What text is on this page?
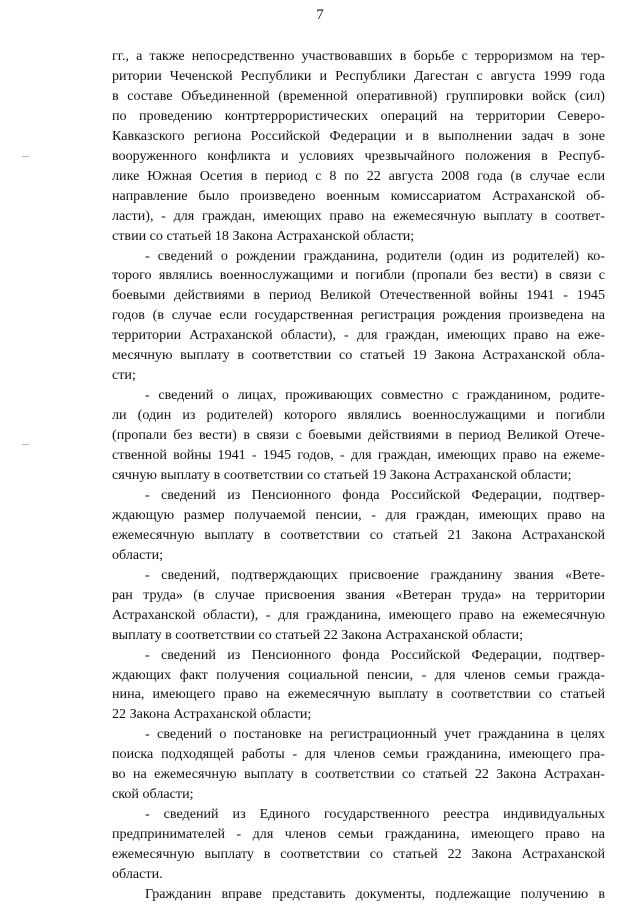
7
гг., а также непосредственно участвовавших в борьбе с терроризмом на тер-
ритории Чеченской Республики и Республики Дагестан с августа 1999 года
в составе Объединенной (временной оперативной) группировки войск (сил)
по проведению контртеррористических операций на территории Северо-
Кавказского региона Российской Федерации и в выполнении задач в зоне
вооруженного конфликта и условиях чрезвычайного положения в Респуб-
лике Южная Осетия в период с 8 по 22 августа 2008 года (в случае если
направление было произведено военным комиссариатом Астраханской об-
ласти), - для граждан, имеющих право на ежемесячную выплату в соответ-
ствии со статьей 18 Закона Астраханской области;
- сведений о рождении гражданина, родители (один из родителей) ко-
торого являлись военнослужащими и погибли (пропали без вести) в связи с
боевыми действиями в период Великой Отечественной войны 1941 - 1945
годов (в случае если государственная регистрация рождения произведена на
территории Астраханской области), - для граждан, имеющих право на ежe-
месячную выплату в соответствии со статьей 19 Закона Астраханской обла-
сти;
- сведений о лицах, проживающих совместно с гражданином, родите-
ли (один из родителей) которого являлись военнослужащими и погибли
(пропали без вести) в связи с боевыми действиями в период Великой Отече-
ственной войны 1941 - 1945 годов, - для граждан, имеющих право на ежеме-
сячную выплату в соответствии со статьей 19 Закона Астраханской области;
- сведений из Пенсионного фонда Российской Федерации, подтвер-
ждающую размер получаемой пенсии, - для граждан, имеющих право на
ежемесячную выплату в соответствии со статьей 21 Закона Астраханской
области;
- сведений, подтверждающих присвоение гражданину звания «Вете-
ран труда» (в случае присвоения звания «Ветеран труда» на территории
Астраханской области), - для гражданина, имеющего право на ежемесячную
выплату в соответствии со статьей 22 Закона Астраханской области;
- сведений из Пенсионного фонда Российской Федерации, подтвер-
ждающих факт получения социальной пенсии, - для членов семьи гражда-
нина, имеющего право на ежемесячную выплату в соответствии со статьей
22 Закона Астраханской области;
- сведений о постановке на регистрационный учет гражданина в целях
поиска подходящей работы - для членов семьи гражданина, имеющего пра-
во на ежемесячную выплату в соответствии со статьей 22 Закона Астрахан-
ской области;
- сведений из Единого государственного реестра индивидуальных
предпринимателей - для членов семьи гражданина, имеющего право на
ежемесячную выплату в соответствии со статьей 22 Закона Астраханской
области.
Гражданин вправе представить документы, подлежащие получению в
